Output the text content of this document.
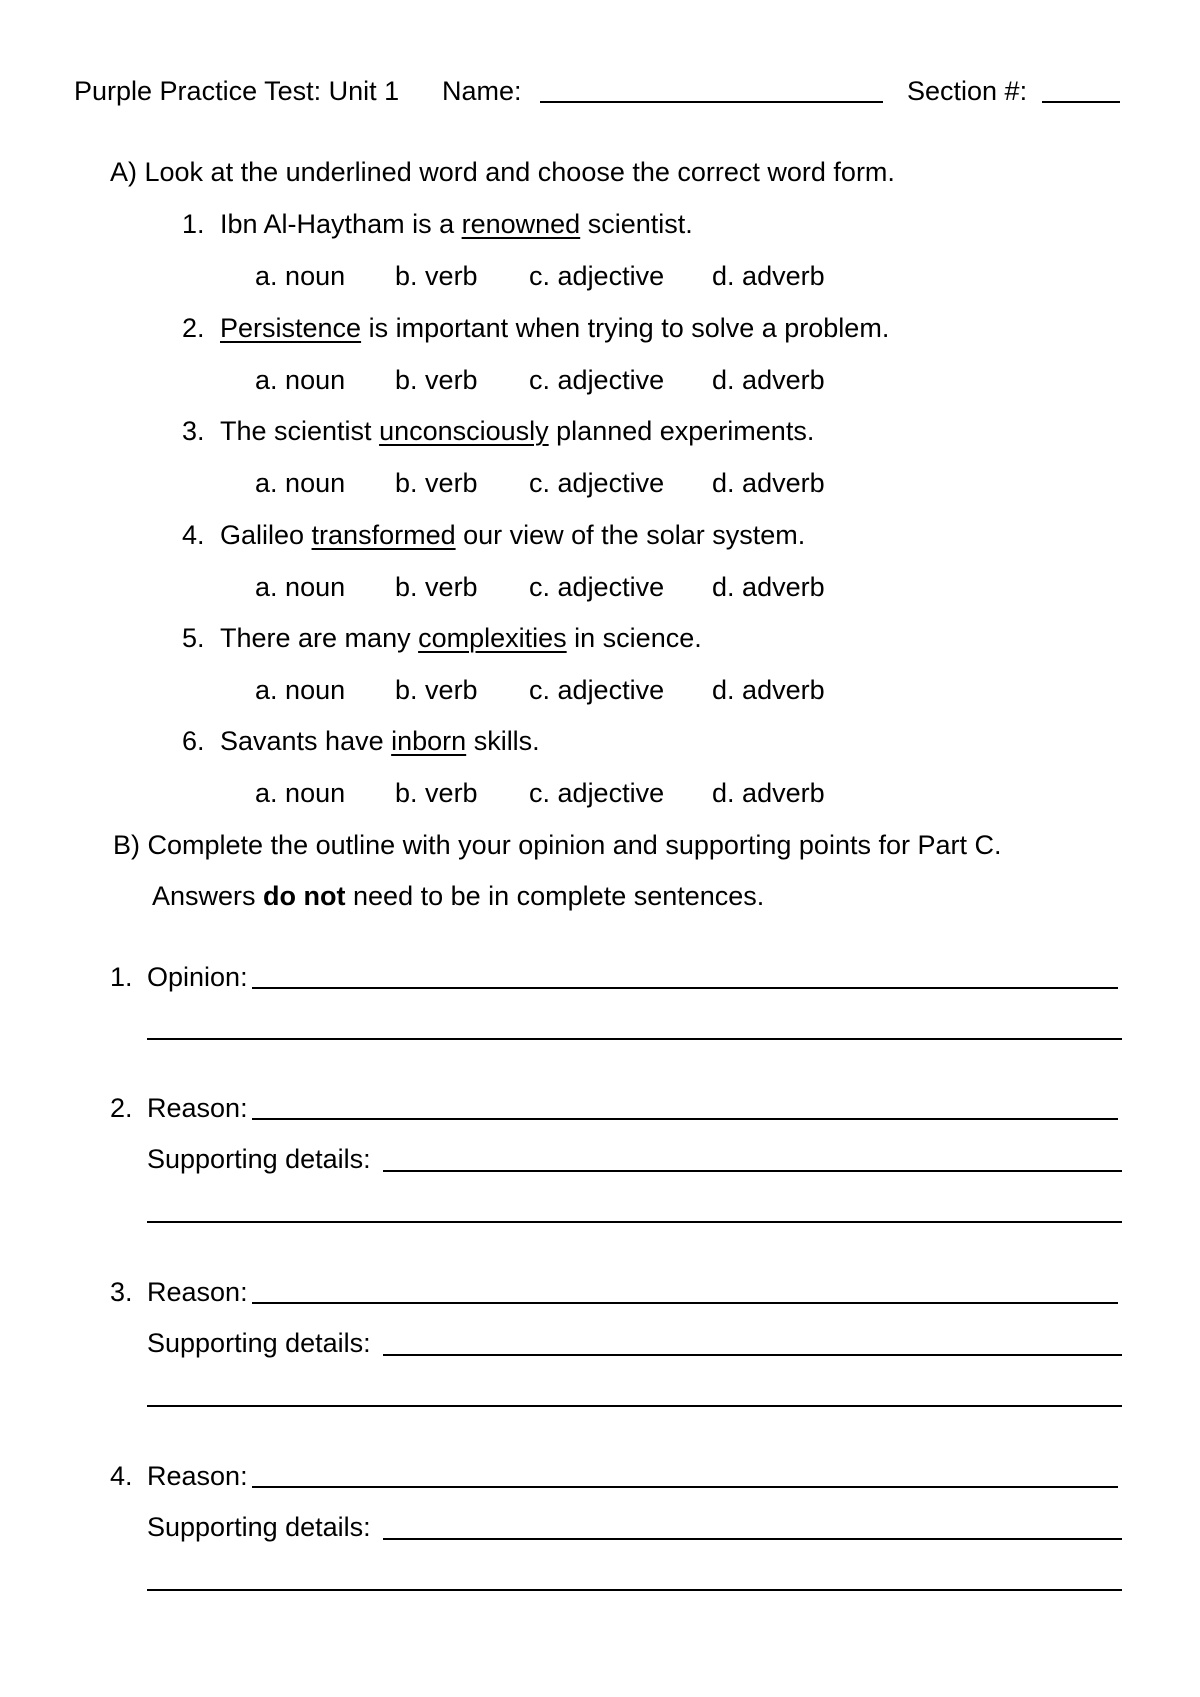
Purple Practice Test: Unit 1 Name:	Section #:
A) Look at the underlined word and choose the correct word form.
1. Ibn Al-Haytham is a renowned scientist.
a. noun b. verb c. adjective d. adverb
2. Persistence is important when trying to solve a problem.
a. noun b. verb c. adjective d. adverb
3. The scientist unconsciously planned experiments.
a. noun b. verb c. adjective d. adverb
4. Galileo transformed our view of the solar system.
a. noun b. verb c. adjective d. adverb
5. There are many complexities in science.
a. noun b. verb c. adjective d. adverb
6. Savants have inborn skills.
a. noun b. verb c. adjective d. adverb
B) Complete the outline with your opinion and supporting points for Part C.
Answers do not need to be in complete sentences.
1. Opinion:
2. Reason:
Supporting details:
3. Reason:
Supporting details:
4. Reason:
Supporting details:
